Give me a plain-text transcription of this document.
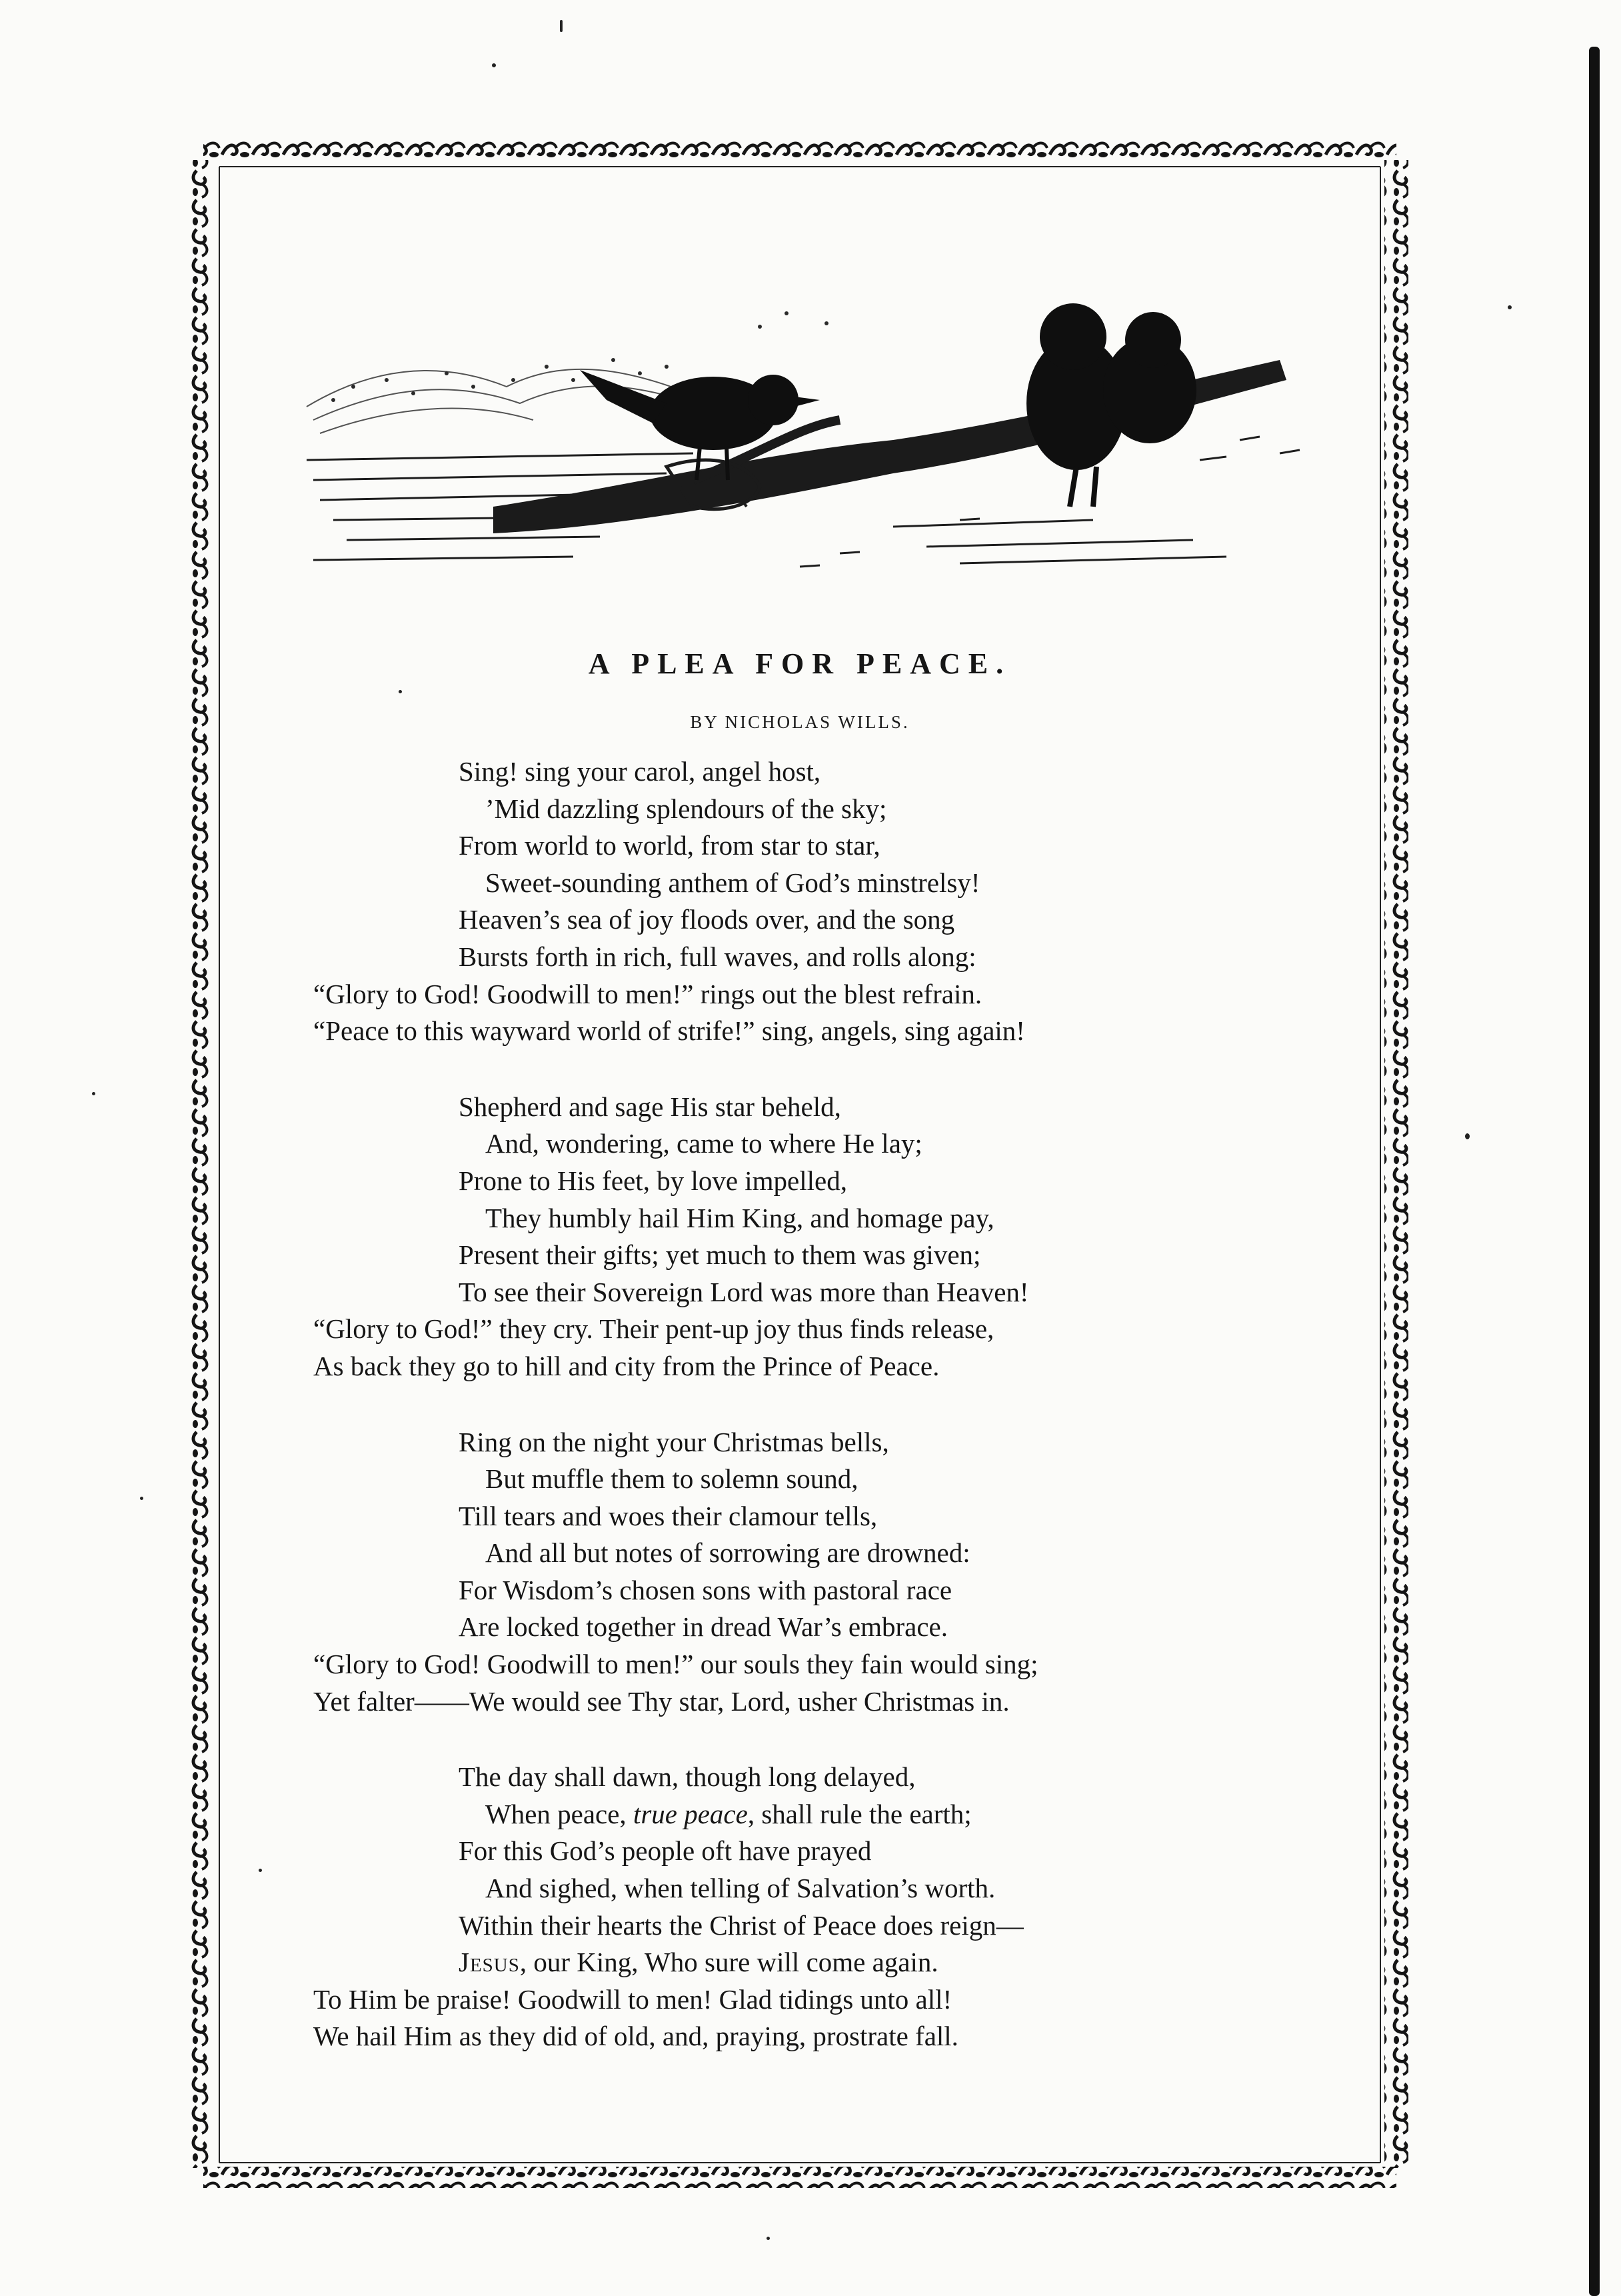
A PLEA FOR PEACE.
BY NICHOLAS WILLS.
Sing! sing your carol, angel host,
’Mid dazzling splendours of the sky;
From world to world, from star to star,
Sweet-sounding anthem of God’s minstrelsy!
Heaven’s sea of joy floods over, and the song
Bursts forth in rich, full waves, and rolls along:
“Glory to God! Goodwill to men!” rings out the blest refrain.
“Peace to this wayward world of strife!” sing, angels, sing again!
Shepherd and sage His star beheld,
And, wondering, came to where He lay;
Prone to His feet, by love impelled,
They humbly hail Him King, and homage pay,
Present their gifts; yet much to them was given;
To see their Sovereign Lord was more than Heaven!
“Glory to God!” they cry. Their pent-up joy thus finds release,
As back they go to hill and city from the Prince of Peace.
Ring on the night your Christmas bells,
But muffle them to solemn sound,
Till tears and woes their clamour tells,
And all but notes of sorrowing are drowned:
For Wisdom’s chosen sons with pastoral race
Are locked together in dread War’s embrace.
“Glory to God! Goodwill to men!” our souls they fain would sing;
Yet falter——We would see Thy star, Lord, usher Christmas in.
The day shall dawn, though long delayed,
When peace, true peace, shall rule the earth;
For this God’s people oft have prayed
And sighed, when telling of Salvation’s worth.
Within their hearts the Christ of Peace does reign—
Jesus, our King, Who sure will come again.
To Him be praise! Goodwill to men! Glad tidings unto all!
We hail Him as they did of old, and, praying, prostrate fall.
